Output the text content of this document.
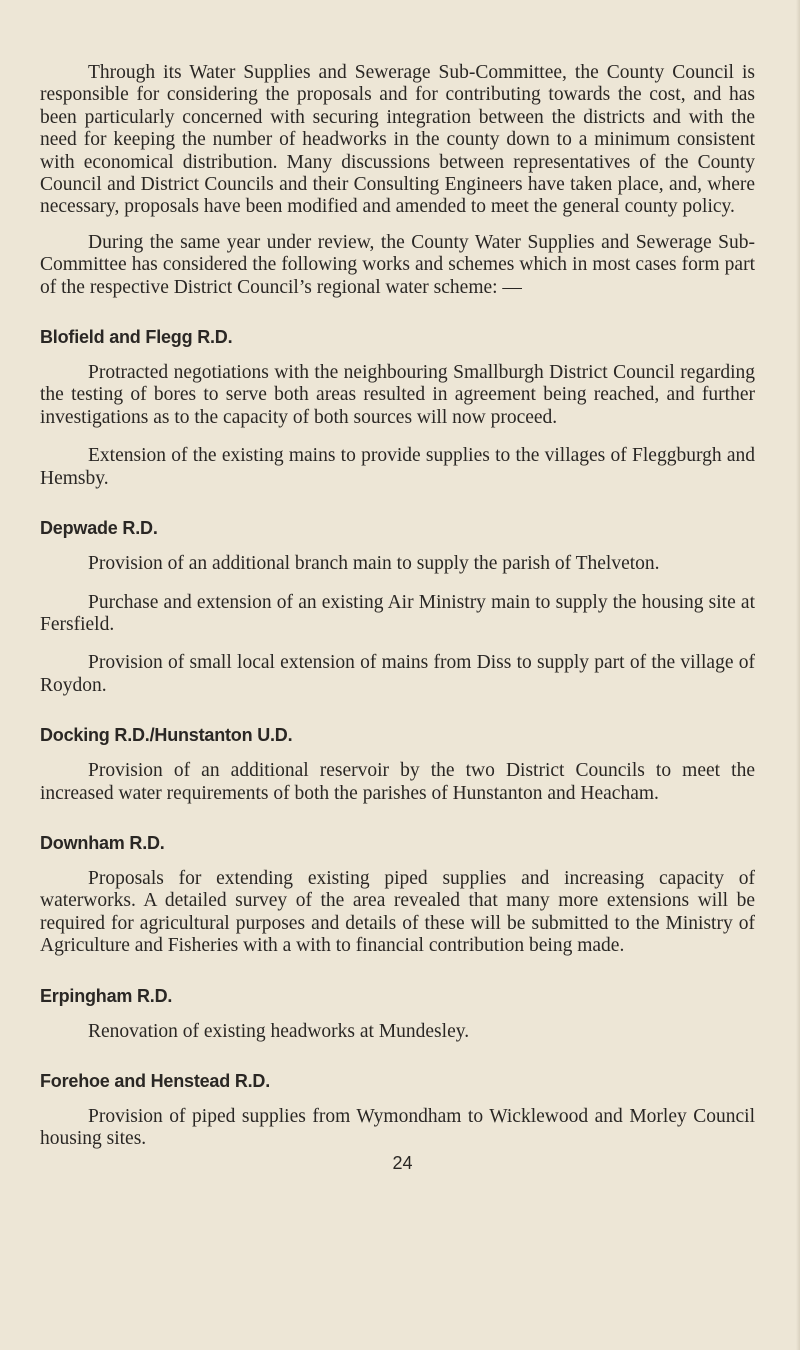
Through its Water Supplies and Sewerage Sub-Committee, the County Council is responsible for considering the proposals and for contributing towards the cost, and has been particularly concerned with securing integration between the districts and with the need for keeping the number of headworks in the county down to a minimum consistent with economical distribution. Many discussions between representatives of the County Council and District Councils and their Consulting Engineers have taken place, and, where necessary, proposals have been modified and amended to meet the general county policy.

During the same year under review, the County Water Supplies and Sewerage Sub-Committee has considered the following works and schemes which in most cases form part of the respective District Council’s regional water scheme: —

Blofield and Flegg R.D.

Protracted negotiations with the neighbouring Smallburgh District Council regarding the testing of bores to serve both areas resulted in agreement being reached, and further investigations as to the capacity of both sources will now proceed.

Extension of the existing mains to provide supplies to the villages of Fleggburgh and Hemsby.

Depwade R.D.

Provision of an additional branch main to supply the parish of Thelveton.

Purchase and extension of an existing Air Ministry main to supply the housing site at Fersfield.

Provision of small local extension of mains from Diss to supply part of the village of Roydon.

Docking R.D./Hunstanton U.D.

Provision of an additional reservoir by the two District Councils to meet the increased water requirements of both the parishes of Hunstanton and Heacham.

Downham R.D.

Proposals for extending existing piped supplies and increasing capacity of waterworks. A detailed survey of the area revealed that many more extensions will be required for agricultural purposes and details of these will be submitted to the Ministry of Agriculture and Fisheries with a with to financial contribution being made.

Erpingham R.D.

Renovation of existing headworks at Mundesley.

Forehoe and Henstead R.D.

Provision of piped supplies from Wymondham to Wicklewood and Morley Council housing sites.

24
